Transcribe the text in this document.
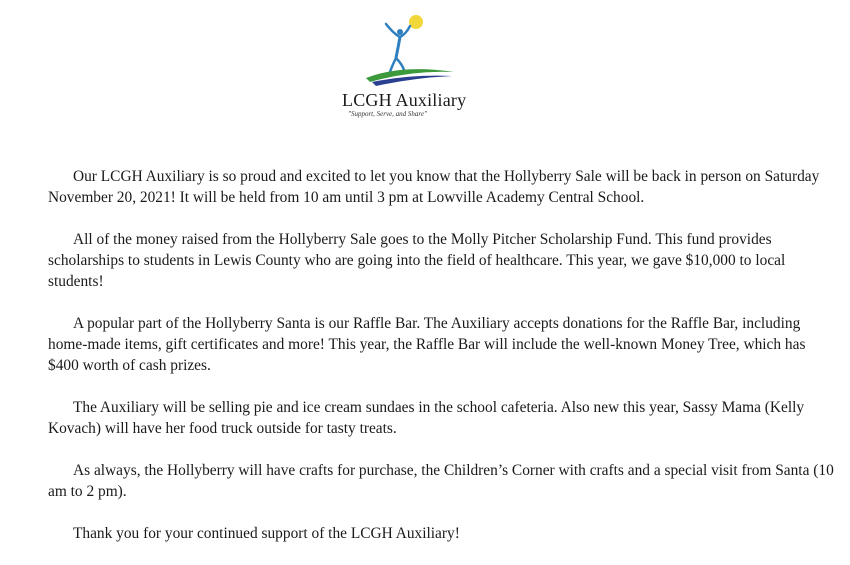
LCGH Auxiliary
"Support, Serve, and Share"

Our LCGH Auxiliary is so proud and excited to let you know that the Hollyberry Sale will be back in person on Saturday November 20, 2021! It will be held from 10 am until 3 pm at Lowville Academy Central School.

All of the money raised from the Hollyberry Sale goes to the Molly Pitcher Scholarship Fund. This fund provides scholarships to students in Lewis County who are going into the field of healthcare. This year, we gave $10,000 to local students!

A popular part of the Hollyberry Santa is our Raffle Bar. The Auxiliary accepts donations for the Raffle Bar, including home-made items, gift certificates and more! This year, the Raffle Bar will include the well-known Money Tree, which has $400 worth of cash prizes.

The Auxiliary will be selling pie and ice cream sundaes in the school cafeteria. Also new this year, Sassy Mama (Kelly Kovach) will have her food truck outside for tasty treats.

As always, the Hollyberry will have crafts for purchase, the Children’s Corner with crafts and a special visit from Santa (10 am to 2 pm).

Thank you for your continued support of the LCGH Auxiliary!
